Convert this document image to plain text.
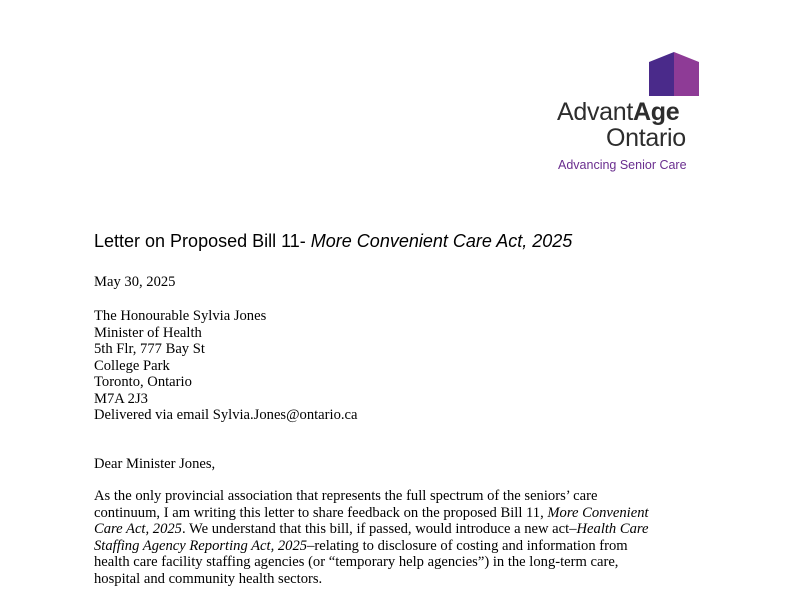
AdvantAge
Ontario
Advancing Senior Care
Letter on Proposed Bill 11- More Convenient Care Act, 2025
May 30, 2025
The Honourable Sylvia Jones
Minister of Health
5th Flr, 777 Bay St
College Park
Toronto, Ontario
M7A 2J3
Delivered via email Sylvia.Jones@ontario.ca
Dear Minister Jones,
As the only provincial association that represents the full spectrum of the seniors’ care
continuum, I am writing this letter to share feedback on the proposed Bill 11, More Convenient
Care Act, 2025. We understand that this bill, if passed, would introduce a new act–Health Care
Staffing Agency Reporting Act, 2025–relating to disclosure of costing and information from
health care facility staffing agencies (or “temporary help agencies”) in the long-term care,
hospital and community health sectors.
